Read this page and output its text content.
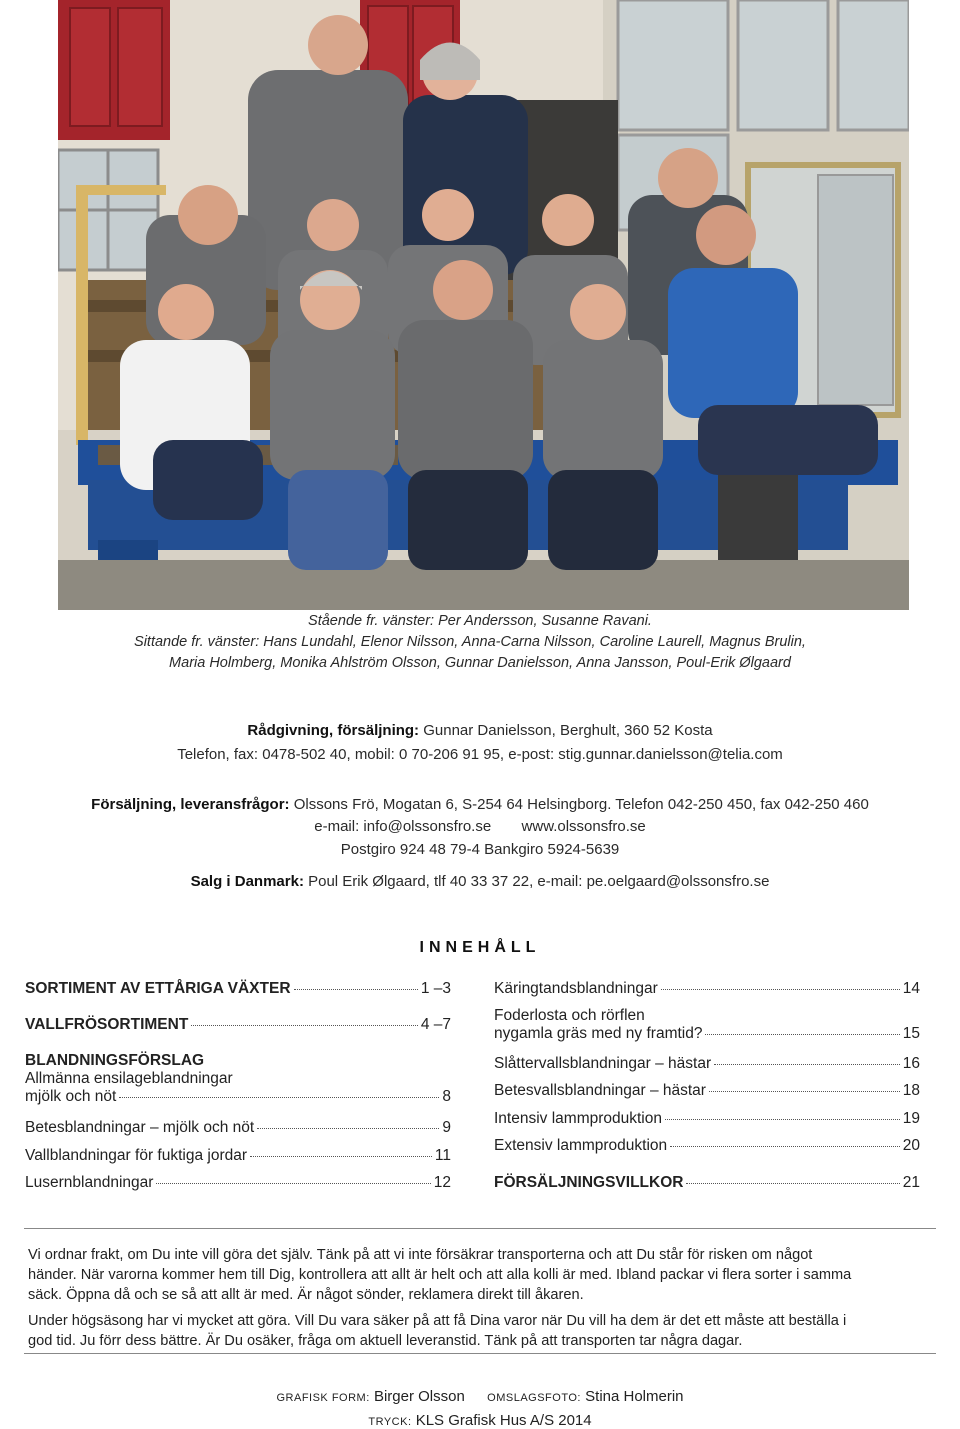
Stående fr. vänster: Per Andersson, Susanne Ravani.
Sittande fr. vänster: Hans Lundahl, Elenor Nilsson, Anna-Carna Nilsson, Caroline Laurell, Magnus Brulin,
Maria Holmberg, Monika Ahlström Olsson, Gunnar Danielsson, Anna Jansson, Poul-Erik Ølgaard
Rådgivning, försäljning: Gunnar Danielsson, Berghult, 360 52 Kosta
Telefon, fax: 0478-502 40, mobil: 0 70-206 91 95, e-post: stig.gunnar.danielsson@telia.com
Försäljning, leveransfrågor: Olssons Frö, Mogatan 6, S-254 64 Helsingborg. Telefon 042-250 450, fax 042-250 460
e-mail: info@olssonsfro.se www.olssonsfro.se
Postgiro 924 48 79-4 Bankgiro 5924-5639
Salg i Danmark: Poul Erik Ølgaard, tlf 40 33 37 22, e-mail: pe.oelgaard@olssonsfro.se
INNEHÅLL
SORTIMENT AV ETTÅRIGA VÄXTER	1 –3
VALLFRÖSORTIMENT	4 –7
BLANDNINGSFÖRSLAG
Allmänna ensilageblandningar
mjölk och nöt	8
Betesblandningar – mjölk och nöt	9
Vallblandningar för fuktiga jordar	11
Lusernblandningar	12
Käringtandsblandningar	14
Foderlosta och rörflen
nygamla gräs med ny framtid?	15
Slåttervallsblandningar – hästar	16
Betesvallsblandningar – hästar	18
Intensiv lammproduktion	19
Extensiv lammproduktion	20
FÖRSÄLJNINGSVILLKOR	21
Vi ordnar frakt, om Du inte vill göra det själv. Tänk på att vi inte försäkrar transporterna och att Du står för risken om något
händer. När varorna kommer hem till Dig, kontrollera att allt är helt och att alla kolli är med. Ibland packar vi flera sorter i samma
säck. Öppna då och se så att allt är med. Är något sönder, reklamera direkt till åkaren.
Under högsäsong har vi mycket att göra. Vill Du vara säker på att få Dina varor när Du vill ha dem är det ett måste att beställa i
god tid. Ju förr dess bättre. Är Du osäker, fråga om aktuell leveranstid. Tänk på att transporten tar några dagar.
GRAFISK FORM: Birger Olsson OMSLAGSFOTO: Stina Holmerin
TRYCK: KLS Grafisk Hus A/S 2014
